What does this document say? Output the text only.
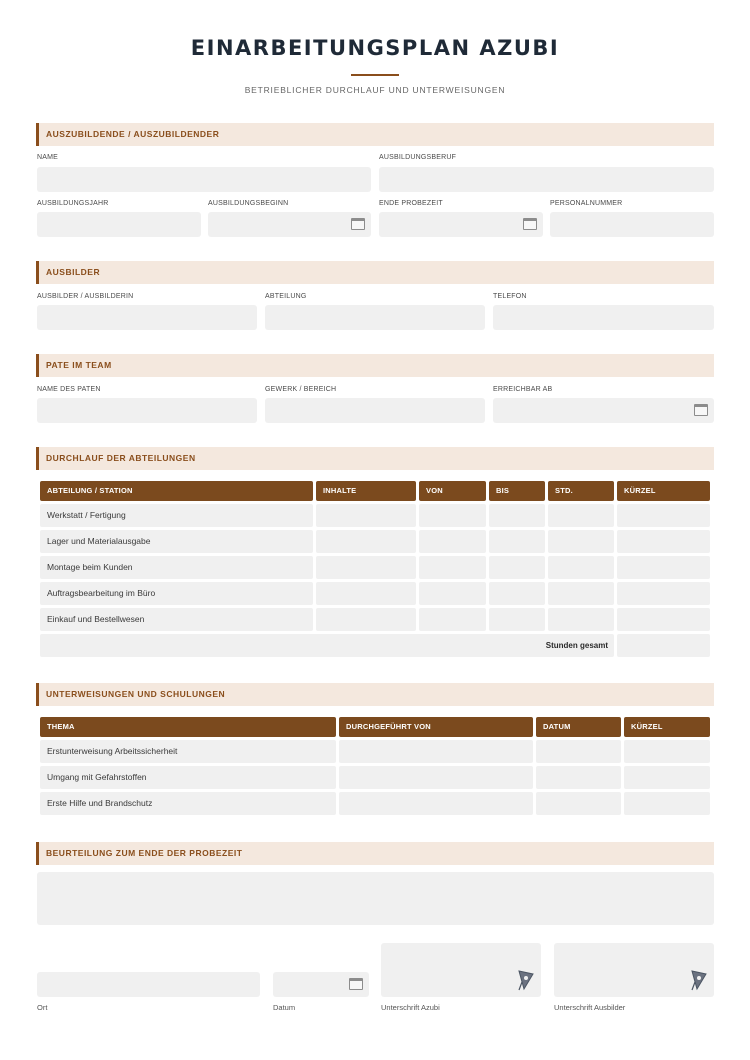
EINARBEITUNGSPLAN AZUBI
BETRIEBLICHER DURCHLAUF UND UNTERWEISUNGEN
AUSZUBILDENDE / AUSZUBILDENDER
NAME	AUSBILDUNGSBERUF
AUSBILDUNGSJAHR	AUSBILDUNGSBEGINN	ENDE PROBEZEIT	PERSONALNUMMER
AUSBILDER
AUSBILDER / AUSBILDERIN	ABTEILUNG	TELEFON
PATE IM TEAM
NAME DES PATEN	GEWERK / BEREICH	ERREICHBAR AB
DURCHLAUF DER ABTEILUNGEN
ABTEILUNG / STATION	INHALTE	VON	BIS	STD.	KÜRZEL
Werkstatt / Fertigung
Lager und Materialausgabe
Montage beim Kunden
Auftragsbearbeitung im Büro
Einkauf und Bestellwesen
Stunden gesamt
UNTERWEISUNGEN UND SCHULUNGEN
THEMA	DURCHGEFÜHRT VON	DATUM	KÜRZEL
Erstunterweisung Arbeitssicherheit
Umgang mit Gefahrstoffen
Erste Hilfe und Brandschutz
BEURTEILUNG ZUM ENDE DER PROBEZEIT
Ort	Datum	Unterschrift Azubi	Unterschrift Ausbilder
